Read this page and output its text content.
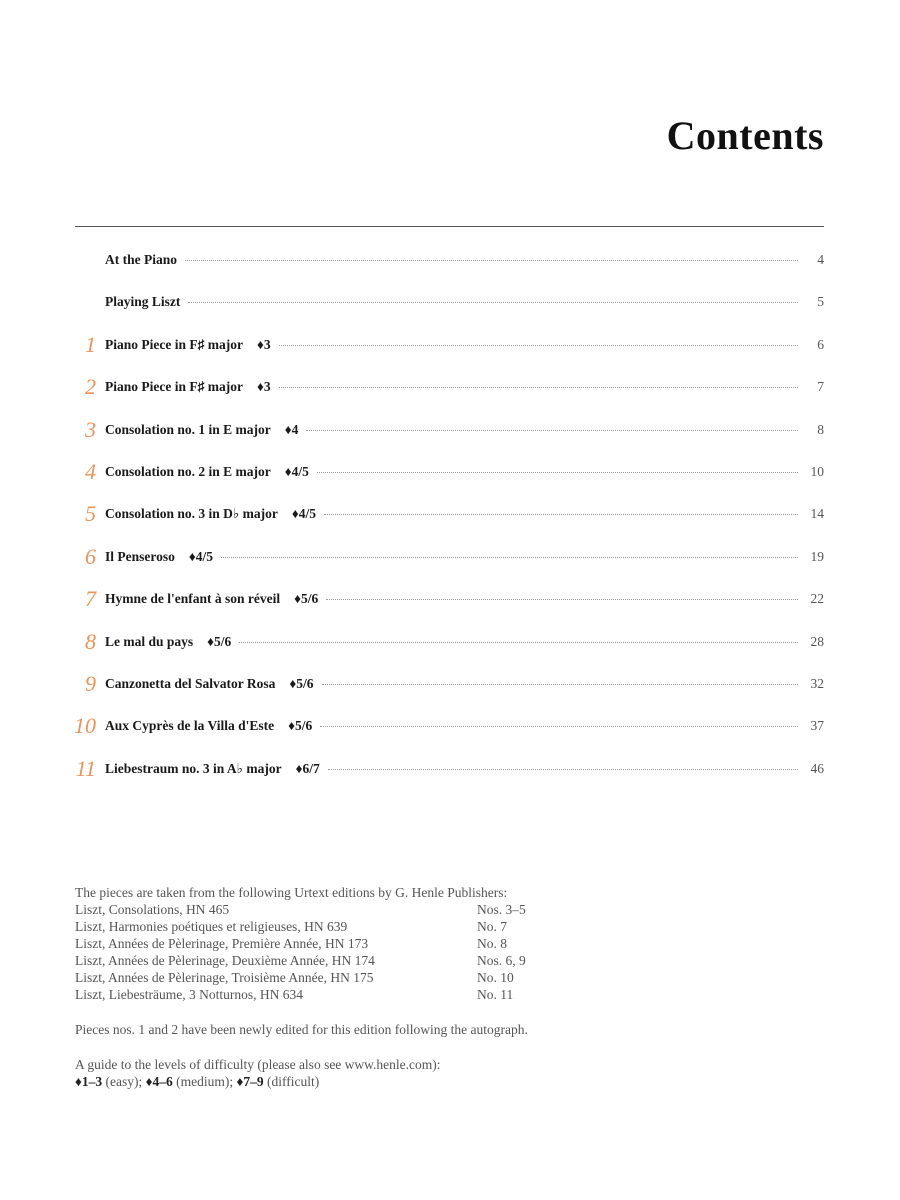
Contents
At the Piano	4
Playing Liszt	5
1 Piano Piece in F♯ major ♦3	6
2 Piano Piece in F♯ major ♦3	7
3 Consolation no. 1 in E major ♦4	8
4 Consolation no. 2 in E major ♦4/5	10
5 Consolation no. 3 in D♭ major ♦4/5	14
6 Il Penseroso ♦4/5	19
7 Hymne de l'enfant à son réveil ♦5/6	22
8 Le mal du pays ♦5/6	28
9 Canzonetta del Salvator Rosa ♦5/6	32
10 Aux Cyprès de la Villa d'Este ♦5/6	37
11 Liebestraum no. 3 in A♭ major ♦6/7	46
The pieces are taken from the following Urtext editions by G. Henle Publishers:
Liszt, Consolations, HN 465	Nos. 3–5
Liszt, Harmonies poétiques et religieuses, HN 639	No. 7
Liszt, Années de Pèlerinage, Première Année, HN 173	No. 8
Liszt, Années de Pèlerinage, Deuxième Année, HN 174	Nos. 6, 9
Liszt, Années de Pèlerinage, Troisième Année, HN 175	No. 10
Liszt, Liebesträume, 3 Notturnos, HN 634	No. 11
Pieces nos. 1 and 2 have been newly edited for this edition following the autograph.
A guide to the levels of difficulty (please also see www.henle.com):
♦1–3 (easy); ♦4–6 (medium); ♦7–9 (difficult)
